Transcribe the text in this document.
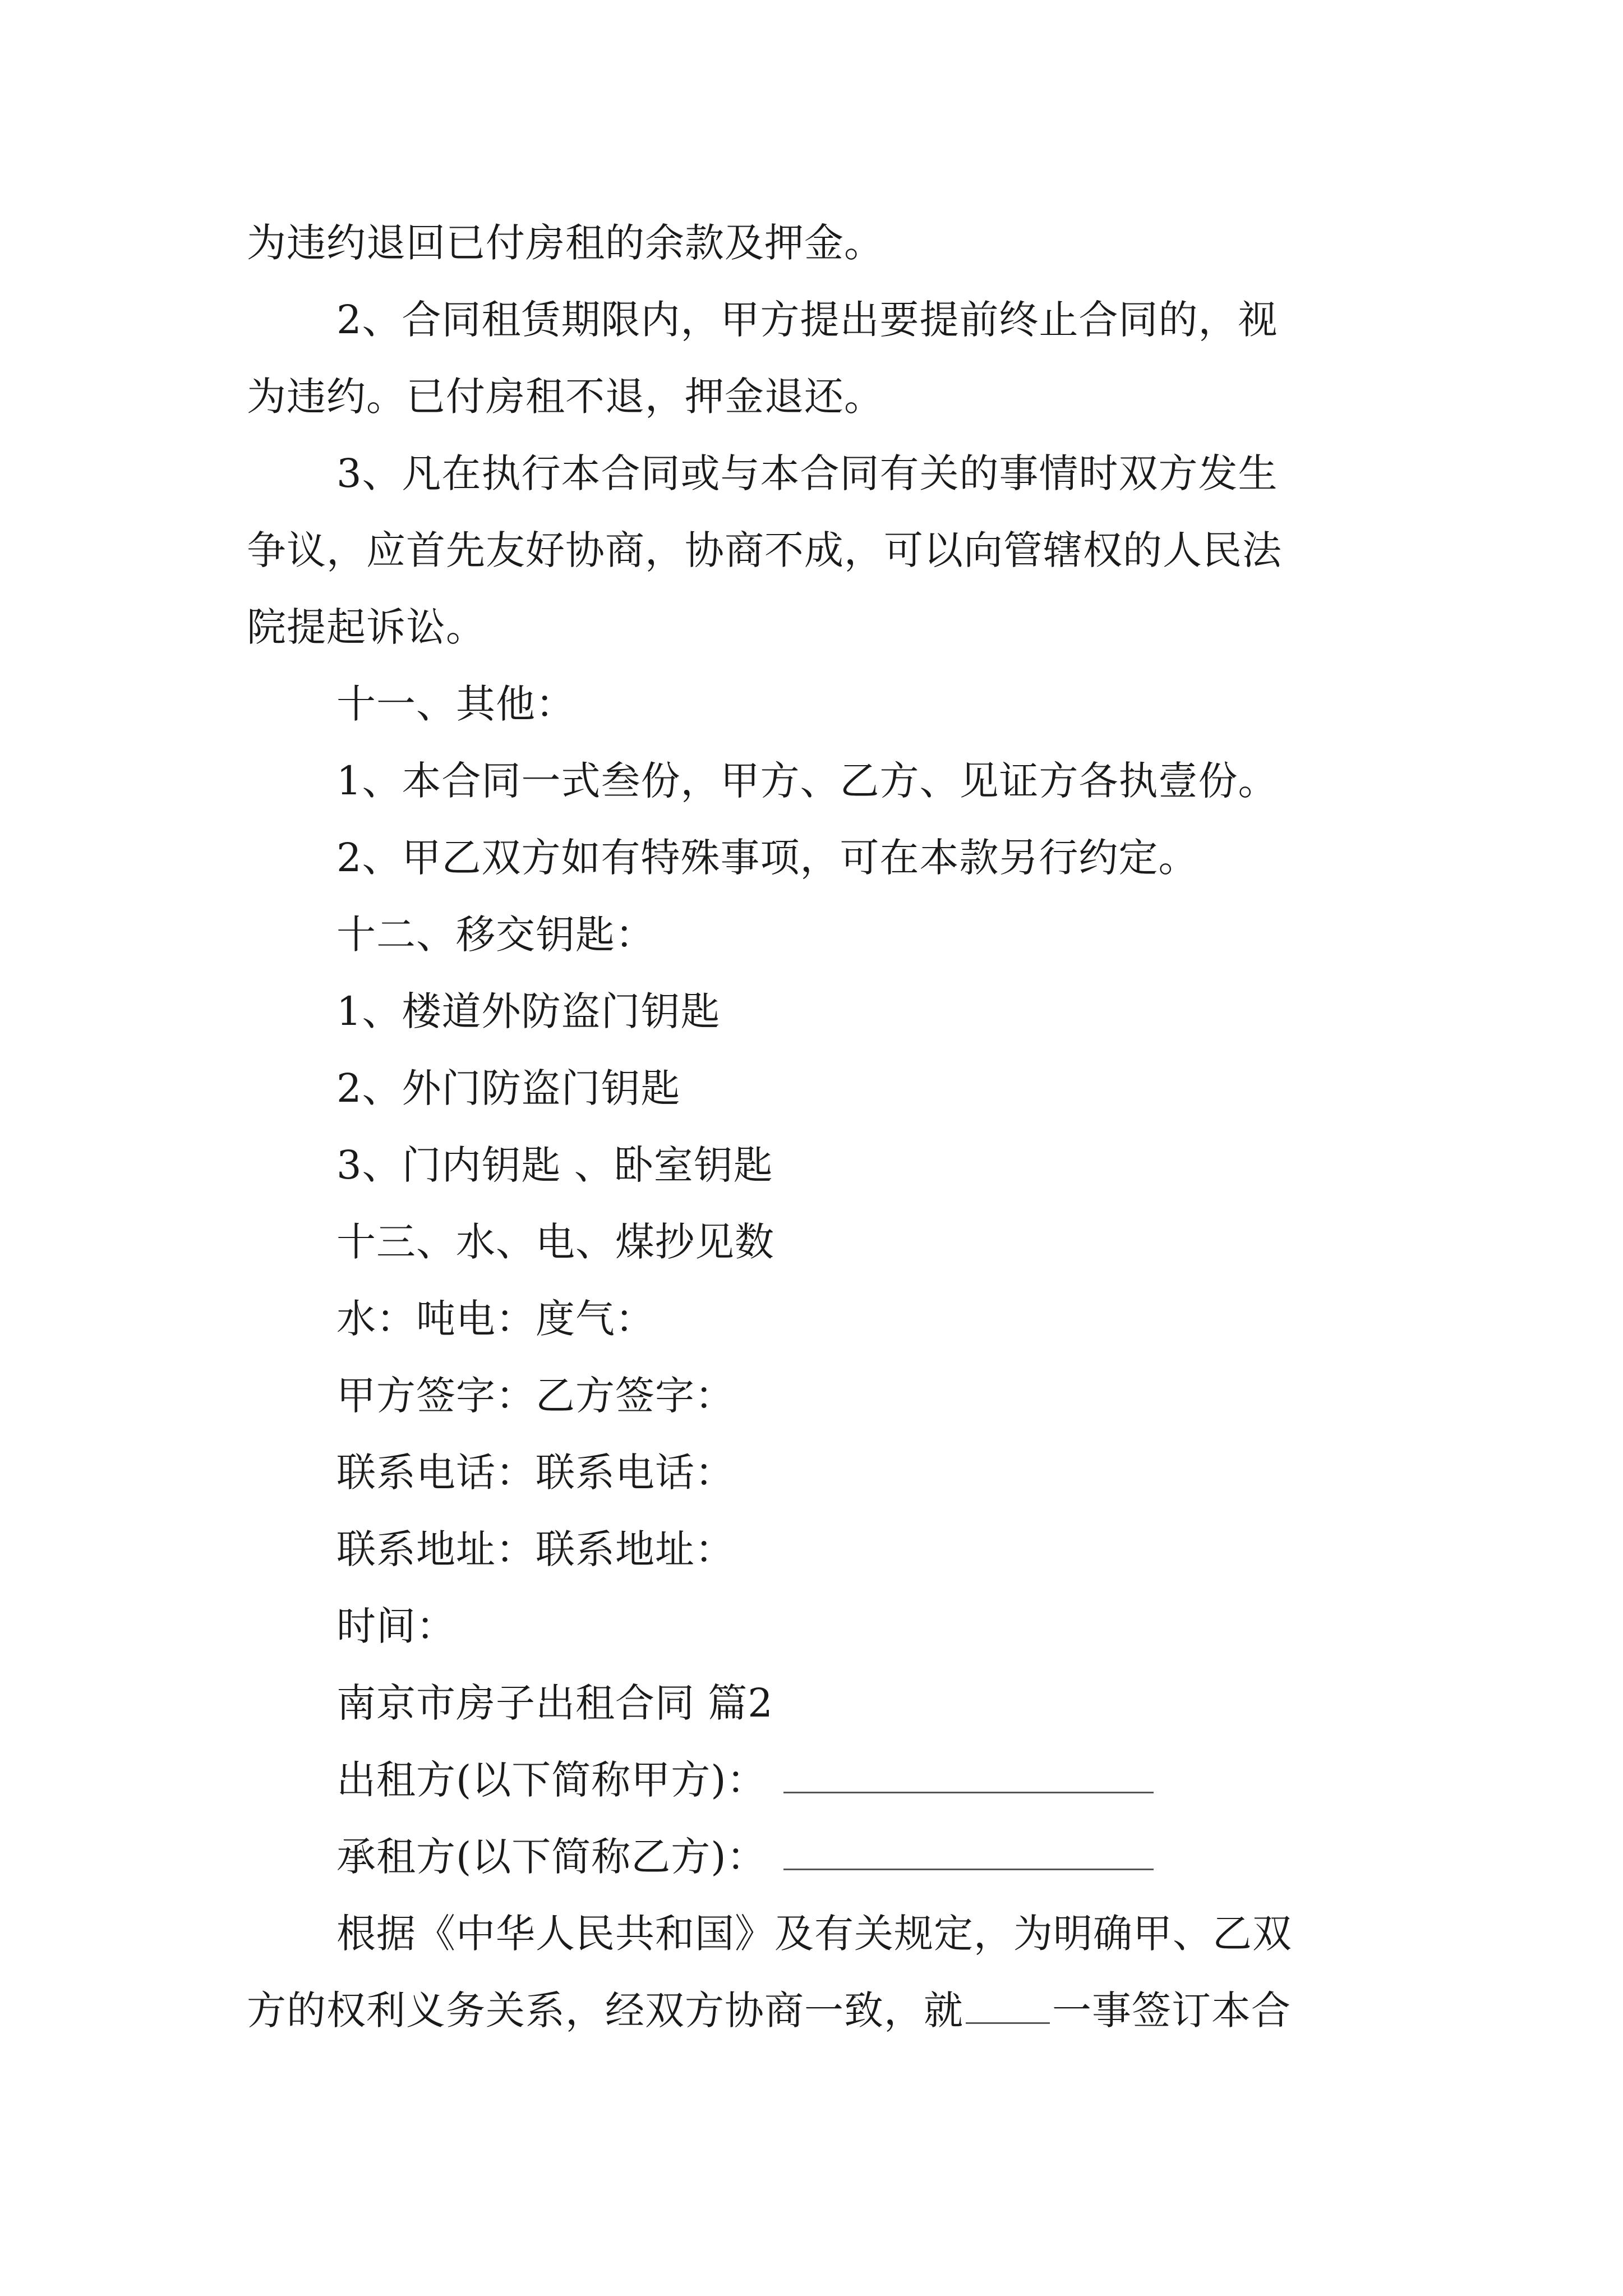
为违约退回已付房租的余款及押金。
2、合同租赁期限内，甲方提出要提前终止合同的，视
为违约。已付房租不退，押金退还。
3、凡在执行本合同或与本合同有关的事情时双方发生
争议，应首先友好协商，协商不成，可以向管辖权的人民法
院提起诉讼。
十一、其他：
1、本合同一式叁份，甲方、乙方、见证方各执壹份。
2、甲乙双方如有特殊事项，可在本款另行约定。
十二、移交钥匙：
1、楼道外防盗门钥匙
2、外门防盗门钥匙
3、门内钥匙 、卧室钥匙
十三、水、电、煤抄见数
水：吨电：度气：
甲方签字：乙方签字：
联系电话：联系电话：
联系地址：联系地址：
时间：
南京市房子出租合同 篇2
出租方(以下简称甲方)：
承租方(以下简称乙方)：
根据《中华人民共和国》及有关规定，为明确甲、乙双
方的权利义务关系，经双方协商一致，就 一事签订本合
